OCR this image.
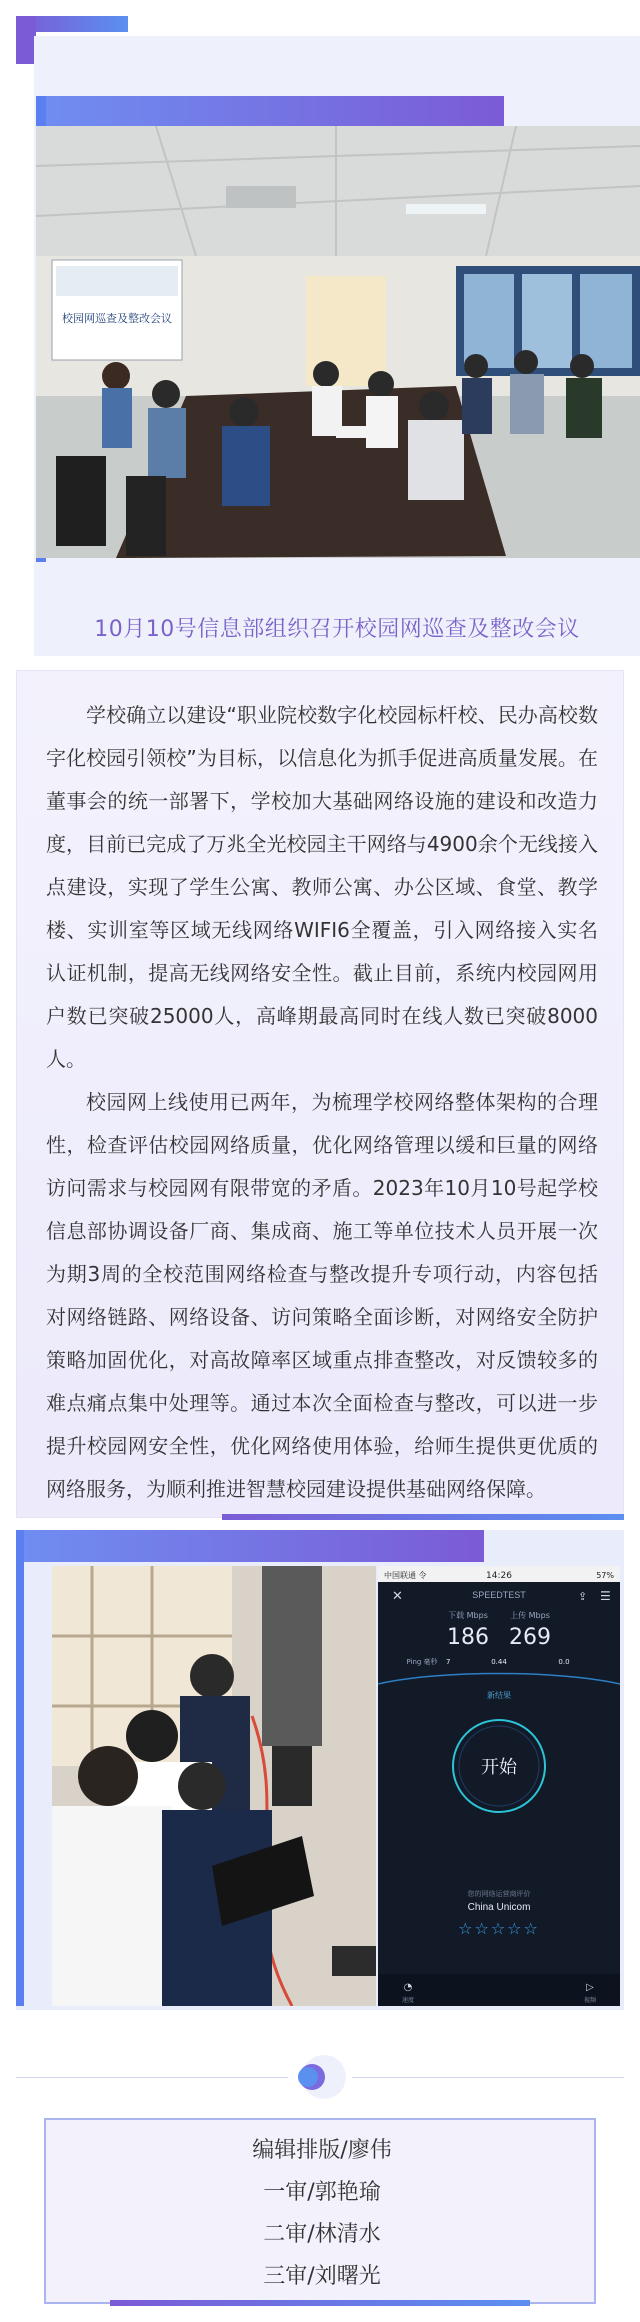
校园网巡查及整改会议
10月10号信息部组织召开校园网巡查及整改会议

学校确立以建设“职业院校数字化校园标杆校、民办高校数字化校园引领校”为目标，以信息化为抓手促进高质量发展。在董事会的统一部署下，学校加大基础网络设施的建设和改造力度，目前已完成了万兆全光校园主干网络与4900余个无线接入点建设，实现了学生公寓、教师公寓、办公区域、食堂、教学楼、实训室等区域无线网络WIFI6全覆盖，引入网络接入实名认证机制，提高无线网络安全性。截止目前，系统内校园网用户数已突破25000人，高峰期最高同时在线人数已突破8000人。

校园网上线使用已两年，为梳理学校网络整体架构的合理性，检查评估校园网络质量，优化网络管理以缓和巨量的网络访问需求与校园网有限带宽的矛盾。2023年10月10号起学校信息部协调设备厂商、集成商、施工等单位技术人员开展一次为期3周的全校范围网络检查与整改提升专项行动，内容包括对网络链路、网络设备、访问策略全面诊断，对网络安全防护策略加固优化，对高故障率区域重点排查整改，对反馈较多的难点痛点集中处理等。通过本次全面检查与整改，可以进一步提升校园网安全性，优化网络使用体验，给师生提供更优质的网络服务，为顺利推进智慧校园建设提供基础网络保障。

中国联通 令	14:26	57%
✕	SPEEDTEST	⇪ ☰
下载 Mbps	上传 Mbps
186 269
Ping 毫秒 7	0.44	0.0
新结果
开始
您的网络运营商评价
China Unicom
☆☆☆☆☆
◔
速度
▷
视频
编辑排版/廖伟
一审/郭艳瑜
二审/林清水
三审/刘曙光
